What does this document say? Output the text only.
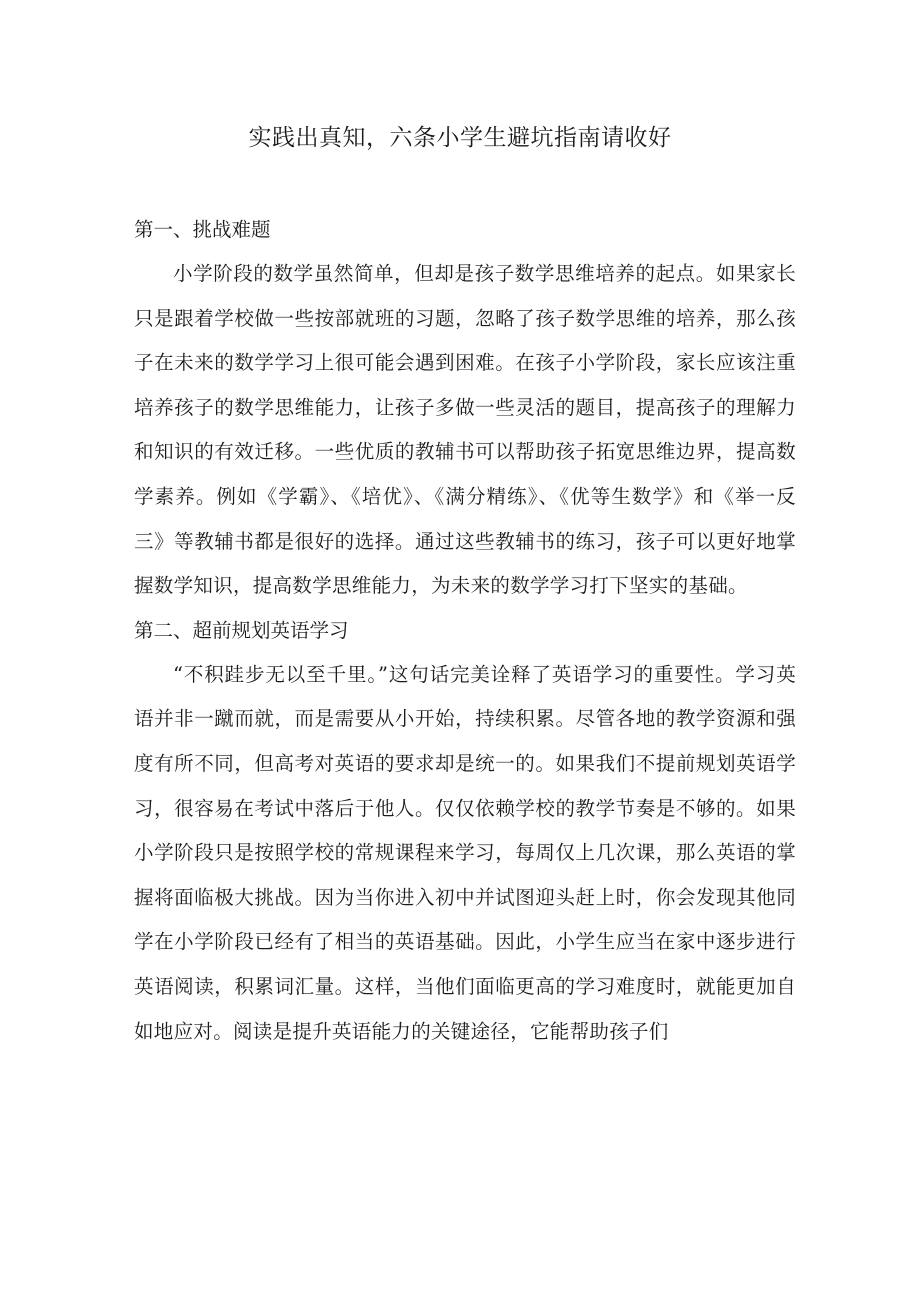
实践出真知，六条小学生避坑指南请收好
第一、挑战难题

小学阶段的数学虽然简单，但却是孩子数学思维培养的起点。如果家长只是跟着学校做一些按部就班的习题，忽略了孩子数学思维的培养，那么孩子在未来的数学学习上很可能会遇到困难。在孩子小学阶段，家长应该注重培养孩子的数学思维能力，让孩子多做一些灵活的题目，提高孩子的理解力和知识的有效迁移。一些优质的教辅书可以帮助孩子拓宽思维边界，提高数学素养。例如《学霸》、《培优》、《满分精练》、《优等生数学》和《举一反三》等教辅书都是很好的选择。通过这些教辅书的练习，孩子可以更好地掌握数学知识，提高数学思维能力，为未来的数学学习打下坚实的基础。

第二、超前规划英语学习

“不积跬步无以至千里。”这句话完美诠释了英语学习的重要性。学习英语并非一蹴而就，而是需要从小开始，持续积累。尽管各地的教学资源和强度有所不同，但高考对英语的要求却是统一的。如果我们不提前规划英语学习，很容易在考试中落后于他人。仅仅依赖学校的教学节奏是不够的。如果小学阶段只是按照学校的常规课程来学习，每周仅上几次课，那么英语的掌握将面临极大挑战。因为当你进入初中并试图迎头赶上时，你会发现其他同学在小学阶段已经有了相当的英语基础。因此，小学生应当在家中逐步进行英语阅读，积累词汇量。这样，当他们面临更高的学习难度时，就能更加自如地应对。阅读是提升英语能力的关键途径，它能帮助孩子们
